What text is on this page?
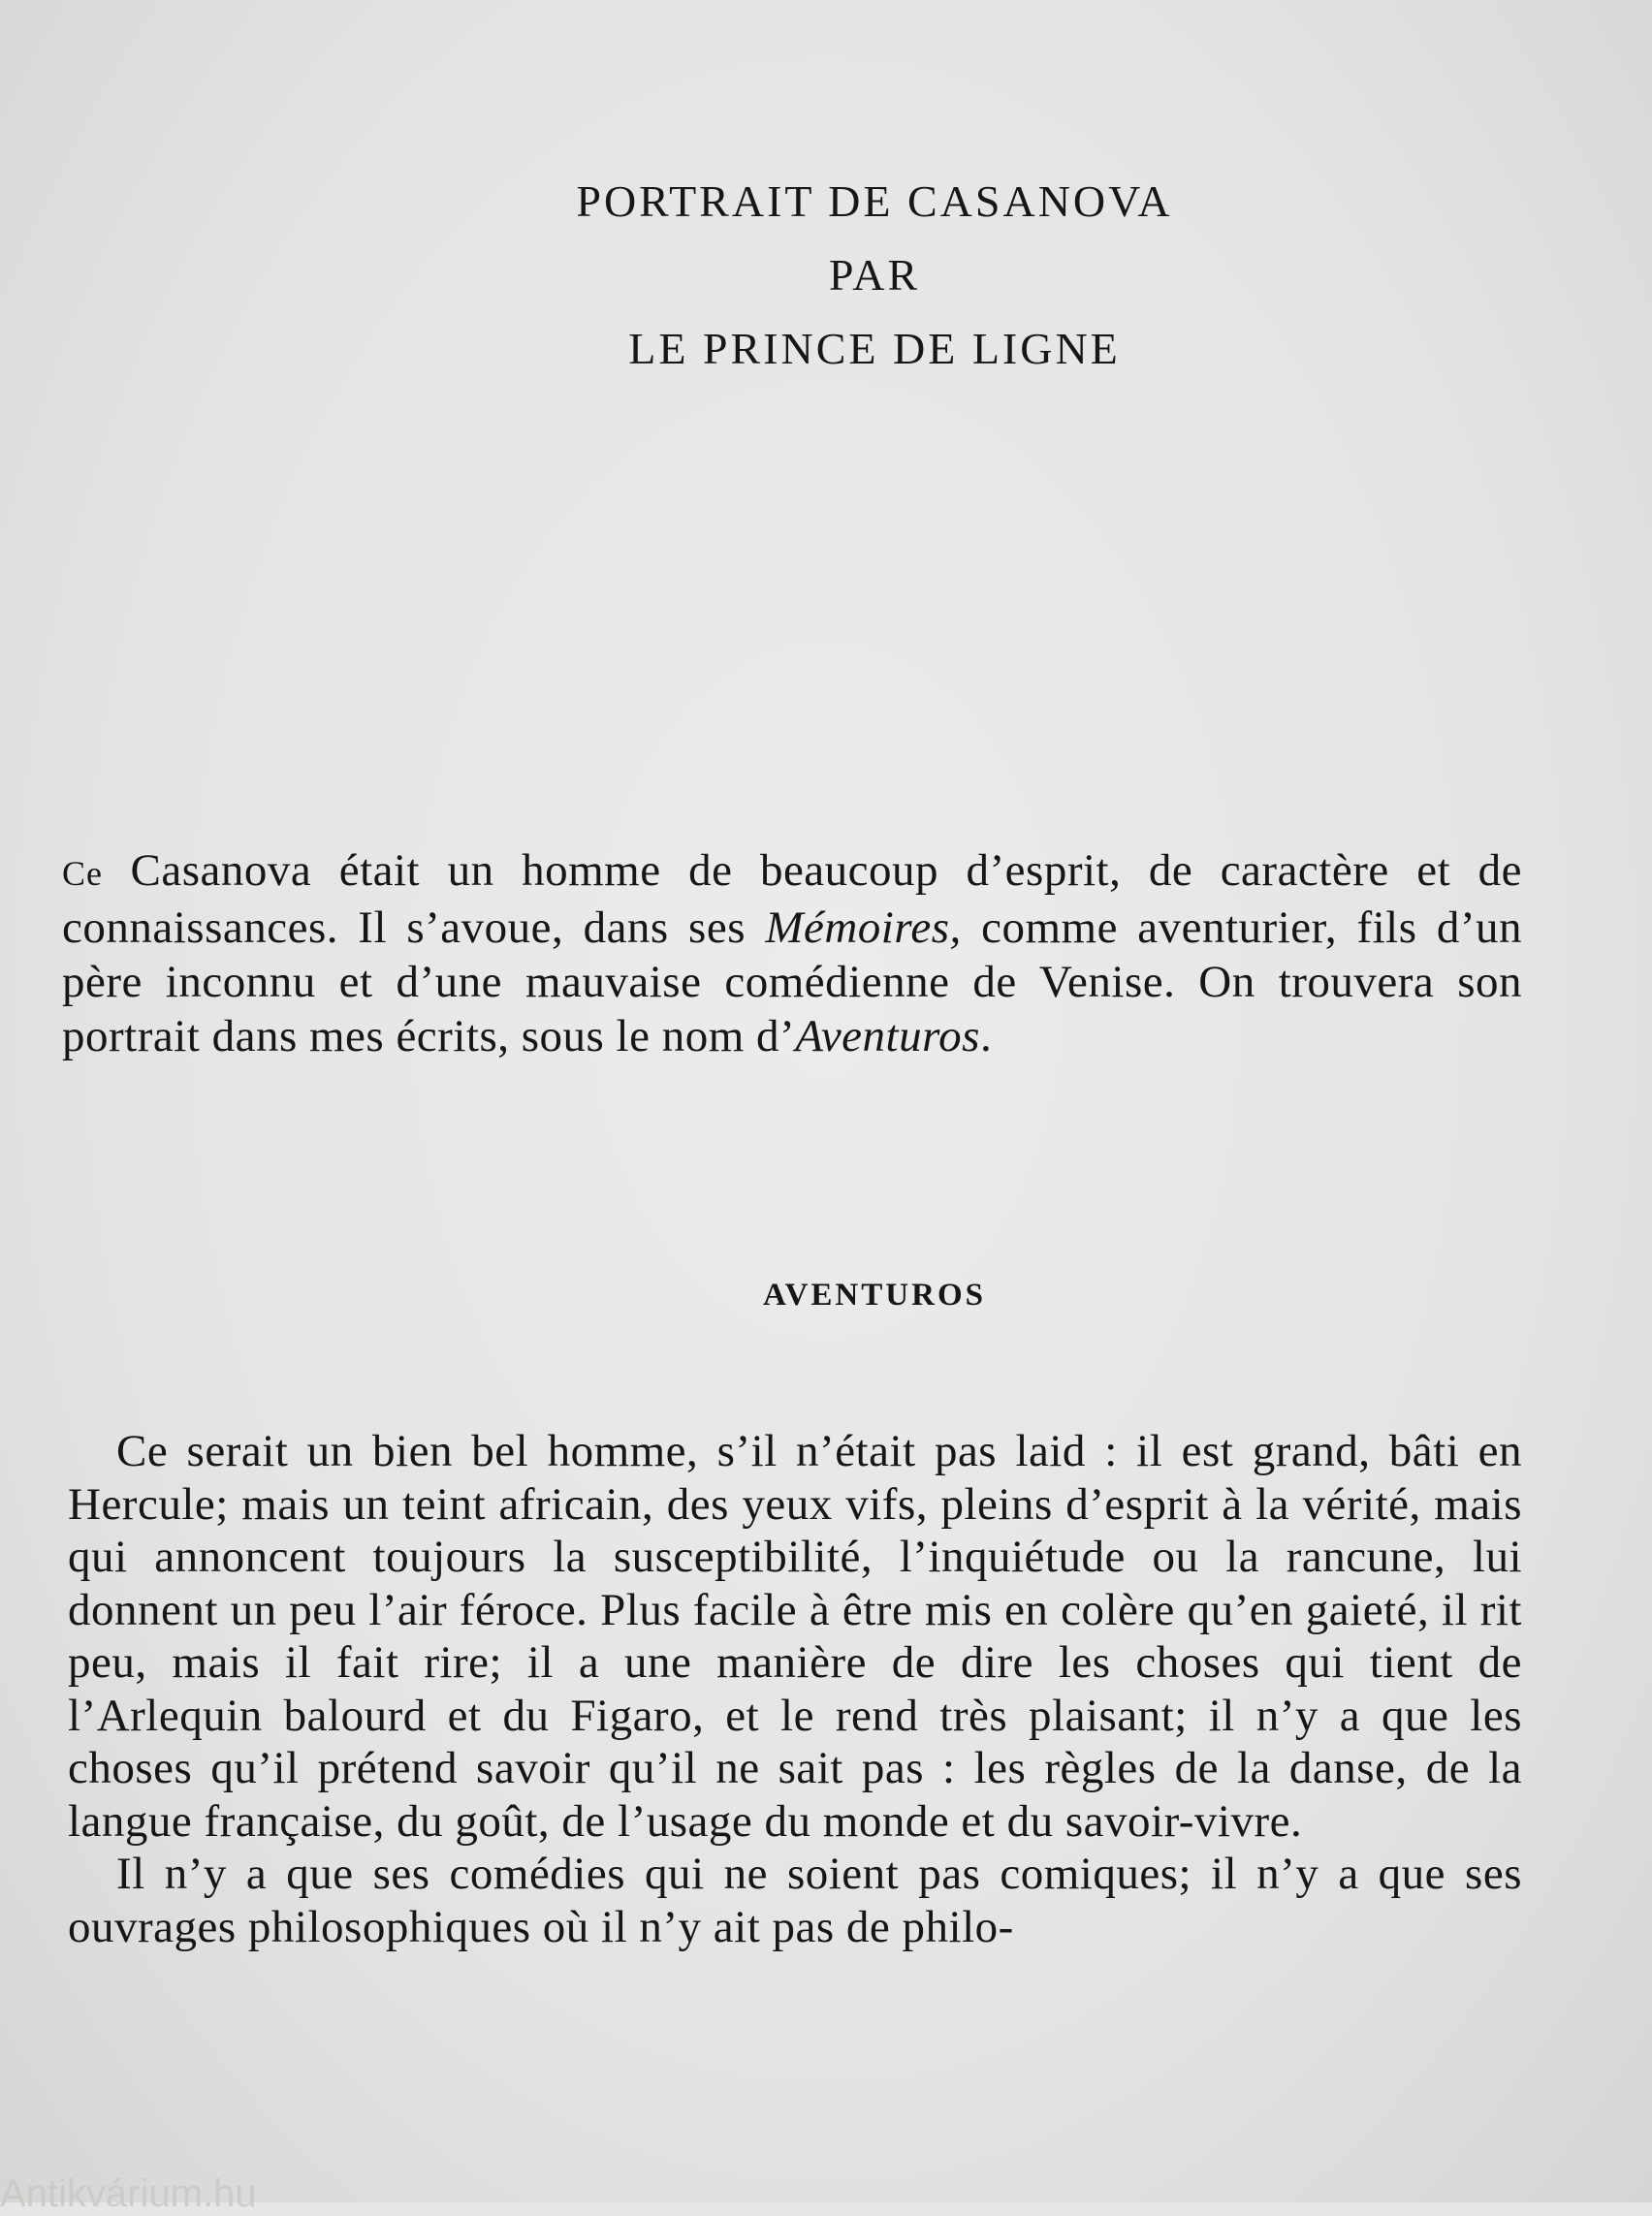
PORTRAIT DE CASANOVA
PAR
LE PRINCE DE LIGNE

Ce Casanova était un homme de beaucoup d’esprit, de caractère et de connaissances. Il s’avoue, dans ses Mémoires, comme aventurier, fils d’un père inconnu et d’une mauvaise comédienne de Venise. On trouvera son portrait dans mes écrits, sous le nom d’Aventuros.

AVENTUROS

Ce serait un bien bel homme, s’il n’était pas laid : il est grand, bâti en Hercule; mais un teint africain, des yeux vifs, pleins d’esprit à la vérité, mais qui annoncent toujours la susceptibilité, l’inquiétude ou la rancune, lui donnent un peu l’air féroce. Plus facile à être mis en colère qu’en gaieté, il rit peu, mais il fait rire; il a une manière de dire les choses qui tient de l’Arlequin balourd et du Figaro, et le rend très plaisant; il n’y a que les choses qu’il prétend savoir qu’il ne sait pas : les règles de la danse, de la langue française, du goût, de l’usage du monde et du savoir-vivre.

Il n’y a que ses comédies qui ne soient pas comiques; il n’y a que ses ouvrages philosophiques où il n’y ait pas de philo-

Antikvárium.hu
